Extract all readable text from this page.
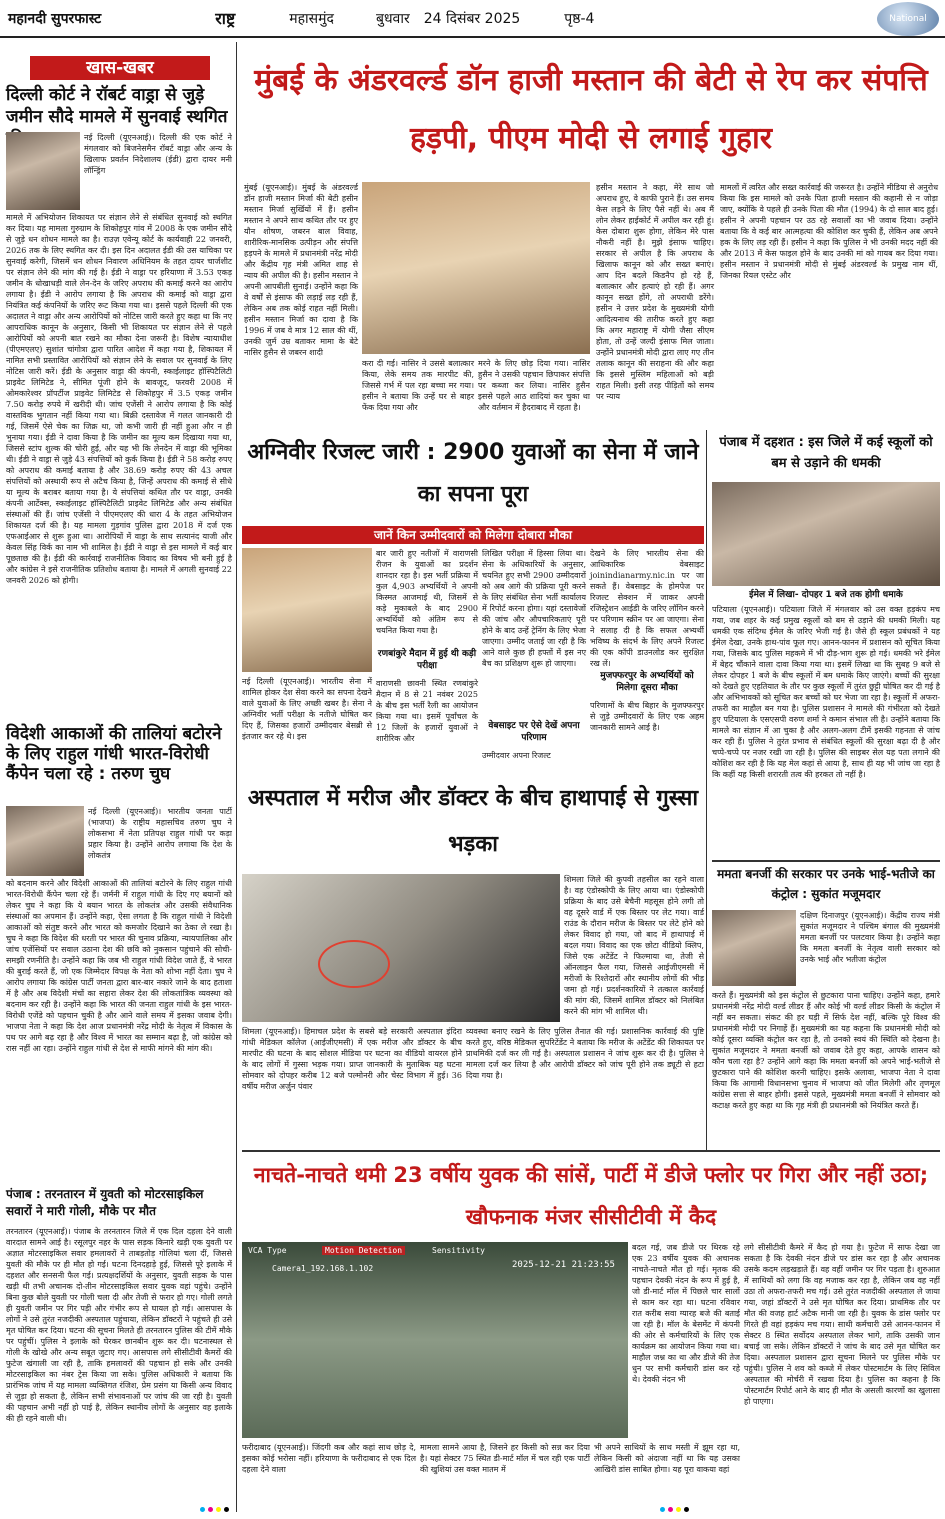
महानदी सुपरफास्ट	राष्ट्र	महासमुंद	बुधवार 24 दिसंबर 2025	पृष्ठ-4	National News
खास-खबर
दिल्ली कोर्ट ने रॉबर्ट वाड्रा से जुड़े जमीन सौदे मामले में सुनवाई स्थगित
नई दिल्ली (यूएनआई)। दिल्ली की एक कोर्ट ने मंगलवार को बिजनेसमैन रॉबर्ट वाड्रा और अन्य के खिलाफ प्रवर्तन निदेशालय (ईडी) द्वारा दायर मनी लॉन्ड्रिंग
मामले में अभियोजन शिकायत पर संज्ञान लेने से संबंधित सुनवाई को स्थगित कर दिया। यह मामला गुरुग्राम के शिकोहपुर गांव में 2008 के एक जमीन सौदे से जुड़े धन शोधन मामले का है। राउज़ एवेन्यू कोर्ट के कार्यवाही 22 जनवरी, 2026 तक के लिए स्थगित कर दी। इस दिन अदालत ईडी की उस याचिका पर सुनवाई करेगी, जिसमें धन शोधन निवारण अधिनियम के तहत दायर चार्जशीट पर संज्ञान लेने की मांग की गई है। ईडी ने वाड्रा पर हरियाणा में 3.53 एकड़ जमीन के धोखाधड़ी वाले लेन-देन के जरिए अपराध की कमाई करने का आरोप लगाया है। ईडी ने आरोप लगाया है कि अपराध की कमाई को वाड्रा द्वारा नियंत्रित कई कंपनियों के जरिए रूट किया गया था। इससे पहले दिल्ली की एक अदालत ने वाड्रा और अन्य आरोपियों को नोटिस जारी करते हुए कहा था कि नए आपराधिक कानून के अनुसार, किसी भी शिकायत पर संज्ञान लेने से पहले आरोपियों को अपनी बात रखने का मौका देना जरूरी है। विशेष न्यायाधीश (पीएमएलए) सुशांत चांगोत्रा द्वारा पारित आदेश में कहा गया है, शिकायत में नामित सभी प्रस्तावित आरोपियों को संज्ञान लेने के सवाल पर सुनवाई के लिए नोटिस जारी करें। ईडी के अनुसार वाड्रा की कंपनी, स्काईलाइट हॉस्पिटैलिटी प्राइवेट लिमिटेड ने, सीमित पूंजी होने के बावजूद, फरवरी 2008 में ओमकारेश्वर प्रॉपर्टीज प्राइवेट लिमिटेड से शिकोहपुर में 3.5 एकड़ जमीन 7.50 करोड़ रुपये में खरीदी थी। जांच एजेंसी ने आरोप लगाया है कि कोई वास्तविक भुगतान नहीं किया गया था। बिक्री दस्तावेज में गलत जानकारी दी गई, जिसमें ऐसे चेक का जिक्र था, जो कभी जारी ही नहीं हुआ और न ही भुनाया गया। ईडी ने दावा किया है कि जमीन का मूल्य कम दिखाया गया था, जिससे स्टांप शुल्क की चोरी हुई, और यह भी कि लेनदेन में वाड्रा की भूमिका थी। ईडी ने वाड्रा से जुड़े 43 संपत्तियों को कुर्क किया है। ईडी ने 58 करोड़ रुपए को अपराध की कमाई बताया है और 38.69 करोड़ रुपए की 43 अचल संपत्तियों को अस्थायी रूप से अटैच किया है, जिन्हें अपराध की कमाई से सीधे या मूल्य के बराबर बताया गया है। ये संपत्तियां कथित तौर पर वाड्रा, उनकी कंपनी आर्टेक्स, स्काईलाइट हॉस्पिटैलिटी प्राइवेट लिमिटेड और अन्य संबंधित संस्थाओं की हैं। जांच एजेंसी ने पीएमएलए की धारा 4 के तहत अभियोजन शिकायत दर्ज की है। यह मामला गुड़गांव पुलिस द्वारा 2018 में दर्ज एक एफआईआर से शुरू हुआ था। आरोपियों में वाड्रा के साथ सत्यानंद याजी और केवल सिंह विर्क का नाम भी शामिल है। ईडी ने वाड्रा से इस मामले में कई बार पूछताछ की है। ईडी की कार्रवाई राजनीतिक विवाद का विषय भी बनी हुई है और कांग्रेस ने इसे राजनीतिक प्रतिशोध बताया है। मामले में अगली सुनवाई 22 जनवरी 2026 को होगी।
विदेशी आकाओं की तालियां बटोरने के लिए राहुल गांधी भारत-विरोधी कैंपेन चला रहे : तरुण चुघ
नई दिल्ली (यूएनआई)। भारतीय जनता पार्टी (भाजपा) के राष्ट्रीय महासचिव तरुण चुघ ने लोकसभा में नेता प्रतिपक्ष राहुल गांधी पर कड़ा प्रहार किया है। उन्होंने आरोप लगाया कि देश के लोकतंत्र
को बदनाम करने और विदेशी आकाओं की तालियां बटोरने के लिए राहुल गांधी भारत-विरोधी कैंपेन चला रहे हैं। जर्मनी में राहुल गांधी के दिए गए बयानों को लेकर चुघ ने कहा कि ये बयान भारत के लोकतंत्र और उसकी संवैधानिक संस्थाओं का अपमान हैं। उन्होंने कहा, ऐसा लगता है कि राहुल गांधी ने विदेशी आकाओं को संतुष्ट करने और भारत को कमजोर दिखाने का ठेका ले रखा है। चुघ ने कहा कि विदेश की धरती पर भारत की चुनाव प्रक्रिया, न्यायपालिका और जांच एजेंसियों पर सवाल उठाना देश की छवि को नुकसान पहुंचाने की सोची-समझी रणनीति है। उन्होंने कहा कि जब भी राहुल गांधी विदेश जाते हैं, वे भारत की बुराई करते हैं, जो एक जिम्मेदार विपक्ष के नेता को शोभा नहीं देता। चुघ ने आरोप लगाया कि कांग्रेस पार्टी जनता द्वारा बार-बार नकारे जाने के बाद हताशा में है और अब विदेशी मंचों का सहारा लेकर देश की लोकतांत्रिक व्यवस्था को बदनाम कर रही है। उन्होंने कहा कि भारत की जनता राहुल गांधी के इस भारत-विरोधी एजेंडे को पहचान चुकी है और आने वाले समय में इसका जवाब देगी। भाजपा नेता ने कहा कि देश आज प्रधानमंत्री नरेंद्र मोदी के नेतृत्व में विकास के पथ पर आगे बढ़ रहा है और विश्व में भारत का सम्मान बढ़ा है, जो कांग्रेस को रास नहीं आ रहा। उन्होंने राहुल गांधी से देश से माफी मांगने की मांग की।
पंजाब : तरनतारन में युवती को मोटरसाइकिल सवारों ने मारी गोली, मौके पर मौत
तरनतारन (यूएनआई)। पंजाब के तरनतारन जिले में एक दिल दहला देने वाली वारदात सामने आई है। रसूलपुर नहर के पास सड़क किनारे खड़ी एक युवती पर अज्ञात मोटरसाइकिल सवार हमलावरों ने ताबड़तोड़ गोलियां चला दीं, जिससे युवती की मौके पर ही मौत हो गई। घटना दिनदहाड़े हुई, जिससे पूरे इलाके में दहशत और सनसनी फैल गई। प्रत्यक्षदर्शियों के अनुसार, युवती सड़क के पास खड़ी थी तभी अचानक दो-तीन मोटरसाइकिल सवार युवक वहां पहुंचे। उन्होंने बिना कुछ बोले युवती पर गोली चला दी और तेजी से फरार हो गए। गोली लगते ही युवती जमीन पर गिर पड़ी और गंभीर रूप से घायल हो गई। आसपास के लोगों ने उसे तुरंत नजदीकी अस्पताल पहुंचाया, लेकिन डॉक्टरों ने पहुंचते ही उसे मृत घोषित कर दिया। घटना की सूचना मिलते ही तरनतारन पुलिस की टीमें मौके पर पहुंचीं। पुलिस ने इलाके को घेरकर छानबीन शुरू कर दी। घटनास्थल से गोली के खोखे और अन्य सबूत जुटाए गए। आसपास लगे सीसीटीवी कैमरों की फुटेज खंगाली जा रही है, ताकि हमलावरों की पहचान हो सके और उनकी मोटरसाइकिल का नंबर ट्रेस किया जा सके। पुलिस अधिकारी ने बताया कि प्रारंभिक जांच में यह मामला व्यक्तिगत रंजिश, प्रेम प्रसंग या किसी अन्य विवाद से जुड़ा हो सकता है, लेकिन सभी संभावनाओं पर जांच की जा रही है। युवती की पहचान अभी नहीं हो पाई है, लेकिन स्थानीय लोगों के अनुसार वह इलाके की ही रहने वाली थी।
मुंबई के अंडरवर्ल्ड डॉन हाजी मस्तान की बेटी से रेप कर संपत्ति हड़पी, पीएम मोदी से लगाई गुहार
मुंबई (यूएनआई)। मुंबई के अंडरवर्ल्ड डॉन हाजी मस्तान मिर्जा की बेटी हसीन मस्तान मिर्जा सुर्खियों में हैं। हसीन मस्तान ने अपने साथ कथित तौर पर हुए यौन शोषण, जबरन बाल विवाह, शारीरिक-मानसिक उत्पीड़न और संपत्ति हड़पने के मामले में प्रधानमंत्री नरेंद्र मोदी और केंद्रीय गृह मंत्री अमित शाह से न्याय की अपील की है। हसीन मस्तान ने अपनी आपबीती सुनाई। उन्होंने कहा कि वे वर्षों से इंसाफ की लड़ाई लड़ रही हैं, लेकिन अब तक कोई राहत नहीं मिली। हसीन मस्तान मिर्जा का दावा है कि 1996 में जब वे मात्र 12 साल की थीं, उनकी जुर्म उम्र बताकर मामा के बेटे नासिर हुसैन से जबरन शादी
करा दी गई। नासिर ने उससे बलात्कार किया, लेके समय तक मारपीट की, जिससे गर्भ में पल रहा बच्चा मर गया। हसीन ने बताया कि उन्हें घर से बाहर फेंक दिया गया और
मरने के लिए छोड़ दिया गया। नासिर हुसैन ने उसकी पहचान छिपाकर संपत्ति पर कब्जा कर लिया। नासिर हुसैन इससे पहले आठ शादियां कर चुका था और वर्तमान में हैदराबाद में रहता है।
हसीन मस्तान ने कहा, मेरे साथ जो अपराध हुए, वे काफी पुराने हैं। उस समय केस लड़ने के लिए पैसे नहीं थे। अब मैं लोन लेकर हाईकोर्ट में अपील कर रही हूं। केस दोबारा शुरू होगा, लेकिन मेरे पास नौकरी नहीं है। मुझे इंसाफ चाहिए। सरकार से अपील है कि अपराध के खिलाफ कानून को और सख्त बनाएं। आप दिन बदले किडनैप हो रहे हैं, बलात्कार और हत्याएं हो रही हैं। अगर कानून सख्त होंगे, तो अपराधी डरेंगे। हसीन ने उत्तर प्रदेश के मुख्यमंत्री योगी आदित्यनाथ की तारीफ करते हुए कहा कि अगर महाराष्ट्र में योगी जैसा सीएम होता, तो उन्हें जल्दी इंसाफ मिल जाता। उन्होंने प्रधानमंत्री मोदी द्वारा लाए गए तीन तलाक कानून की सराहना की और कहा कि इससे मुस्लिम महिलाओं को बड़ी राहत मिली। इसी तरह पीड़ितों को समय पर न्याय
मामलों में त्वरित और सख्त कार्रवाई की जरूरत है। उन्होंने मीडिया से अनुरोध किया कि इस मामले को उनके पिता हाजी मस्तान की कहानी से न जोड़ा जाए, क्योंकि वे पहले ही उनके पिता की मौत (1994) के दो साल बाद हुई। हसीन ने अपनी पहचान पर उठ रहे सवालों का भी जवाब दिया। उन्होंने बताया कि वे कई बार आत्महत्या की कोशिश कर चुकी हैं, लेकिन अब अपने हक के लिए लड़ रही हैं। हसीन ने कहा कि पुलिस ने भी उनकी मदद नहीं की और 2013 में केस फाइल होने के बाद उनकी मां को गायब कर दिया गया। हसीन मस्तान ने प्रधानमंत्री मोदी से मुंबई अंडरवर्ल्ड के प्रमुख नाम थीं, जिनका रियल एस्टेट और
अग्निवीर रिजल्ट जारी : 2900 युवाओं का सेना में जाने का सपना पूरा
जानें किन उम्मीदवारों को मिलेगा दोबारा मौका
नई दिल्ली (यूएनआई)। भारतीय सेना में शामिल होकर देश सेवा करने का सपना देखने वाले युवाओं के लिए अच्छी खबर है। सेना ने अग्निवीर भर्ती परीक्षा के नतीजे घोषित कर दिए हैं, जिसका हजारों उम्मीदवार बेसब्री से इंतजार कर रहे थे। इस
बार जारी हुए नतीजों में वाराणसी रीजन के युवाओं का प्रदर्शन शानदार रहा है। इस भर्ती प्रक्रिया में कुल 4,903 अभ्यर्थियों ने अपनी किस्मत आजमाई थी, जिसमें से कड़े मुकाबले के बाद 2900 अभ्यर्थियों को अंतिम रूप से चयनित किया गया है।
रणबांकुरे मैदान में हुई थी कड़ी परीक्षा
वाराणसी छावनी स्थित रणबांकुरे मैदान में 8 से 21 नवंबर 2025 के बीच इस भर्ती रैली का आयोजन किया गया था। इसमें पूर्वांचल के 12 जिलों के हजारों युवाओं ने शारीरिक और
लिखित परीक्षा में हिस्सा लिया था। सेना के अधिकारियों के अनुसार, चयनित हुए सभी 2900 उम्मीदवारों को अब आगे की प्रक्रिया पूरी करने के लिए संबंधित सेना भर्ती कार्यालय में रिपोर्ट करना होगा। यहां दस्तावेजों की जांच और औपचारिकताएं पूरी होने के बाद उन्हें ट्रेनिंग के लिए भेजा जाएगा। उम्मीद जताई जा रही है कि आने वाले कुछ ही हफ्तों में इस नए बैच का प्रशिक्षण शुरू हो जाएगा।
वेबसाइट पर ऐसे देखें अपना परिणाम
उम्मीदवार अपना रिजल्ट
देखने के लिए भारतीय सेना की आधिकारिक वेबसाइट joinindianarmy.nic.in पर जा सकते हैं। वेबसाइट के होमपेज पर रिजल्ट सेक्शन में जाकर अपनी रजिस्ट्रेशन आईडी के जरिए लॉगिन करने पर परिणाम स्क्रीन पर आ जाएगा। सेना ने सलाह दी है कि सफल अभ्यर्थी भविष्य के संदर्भ के लिए अपने रिजल्ट की एक कॉपी डाउनलोड कर सुरक्षित रख लें।
मुजफ्फरपुर के अभ्यर्थियों को मिलेगा दूसरा मौका
परिणामों के बीच बिहार के मुजफ्फरपुर से जुड़े उम्मीदवारों के लिए एक अहम जानकारी सामने आई है।
पंजाब में दहशत : इस जिले में कई स्कूलों को बम से उड़ाने की धमकी
ईमेल में लिखा- दोपहर 1 बजे तक होगी धमाके
पटियाला (यूएनआई)। पटियाला जिले में मंगलवार को उस वक्त हड़कंप मच गया, जब शहर के कई प्रमुख स्कूलों को बम से उड़ाने की धमकी मिली। यह धमकी एक संदिग्ध ईमेल के जरिए भेजी गई है। जैसे ही स्कूल प्रबंधकों ने यह ईमेल देखा, उनके हाथ-पांव फूल गए। आनन-फानन में प्रशासन को सूचित किया गया, जिसके बाद पुलिस महकमे में भी दौड़-भाग शुरू हो गई। धमकी भरे ईमेल में बेहद चौंकाने वाला दावा किया गया था। इसमें लिखा था कि सुबह 9 बजे से लेकर दोपहर 1 बजे के बीच स्कूलों में बम धमाके किए जाएंगे। बच्चों की सुरक्षा को देखते हुए एहतियात के तौर पर कुछ स्कूलों में तुरंत छुट्टी घोषित कर दी गई है और अभिभावकों को सूचित कर बच्चों को घर भेजा जा रहा है। स्कूलों में अफरा-तफरी का माहौल बन गया है। पुलिस प्रशासन ने मामले की गंभीरता को देखते हुए पटियाला के एसएसपी वरुण शर्मा ने कमान संभाल ली है। उन्होंने बताया कि मामले का संज्ञान में आ चुका है और अलग-अलग टीमें इसकी गहनता से जांच कर रही हैं। पुलिस ने तुरंत प्रभाव से संबंधित स्कूलों की सुरक्षा बढ़ा दी है और चप्पे-चप्पे पर नजर रखी जा रही है। पुलिस की साइबर सेल यह पता लगाने की कोशिश कर रही है कि यह मेल कहां से आया है, साथ ही यह भी जांच जा रहा है कि कहीं यह किसी शरारती तत्व की हरकत तो नहीं है।
अस्पताल में मरीज और डॉक्टर के बीच हाथापाई से गुस्सा भड़का
शिमला जिले की कुपवी तहसील का रहने वाला है। वह एंडोस्कोपी के लिए आया था। एंडोस्कोपी प्रक्रिया के बाद उसे बेचैनी महसूस होने लगी तो वह दूसरे वार्ड में एक बिस्तर पर लेट गया। वार्ड राउंड के दौरान मरीज के बिस्तर पर लेटे होने को लेकर विवाद हो गया, जो बाद में हाथापाई में बदल गया। विवाद का एक छोटा वीडियो क्लिप, जिसे एक अटेंडेंट ने फिल्माया था, तेजी से ऑनलाइन फैल गया, जिससे आईजीएमसी में मरीजों के रिश्तेदारों और स्थानीय लोगों की भीड़ जमा हो गई। प्रदर्शनकारियों ने तत्काल कार्रवाई की मांग की, जिसमें शामिल डॉक्टर को निलंबित करने की मांग भी शामिल थी।
शिमला (यूएनआई)। हिमाचल प्रदेश के सबसे बड़े सरकारी अस्पताल इंदिरा गांधी मेडिकल कॉलेज (आईजीएमसी) में एक मरीज और डॉक्टर के बीच मारपीट की घटना के बाद सोशल मीडिया पर घटना का वीडियो वायरल होने के बाद लोगों में गुस्सा भड़क गया। प्राप्त जानकारी के मुताबिक यह घटना सोमवार को दोपहर करीब 12 बजे पल्मोनरी और चेस्ट विभाग में हुई। 36 वर्षीय मरीज अर्जुन पंवार
व्यवस्था बनाए रखने के लिए पुलिस तैनात की गई। प्रशासनिक कार्रवाई की पुष्टि करते हुए, वरिष्ठ मेडिकल सुपरिटेंडेंट ने बताया कि मरीज के अटेंडेंट की शिकायत पर प्राथमिकी दर्ज कर ली गई है। अस्पताल प्रशासन ने जांच शुरू कर दी है। पुलिस ने मामला दर्ज कर लिया है और आरोपी डॉक्टर को जांच पूरी होने तक ड्यूटी से हटा दिया गया है।
ममता बनर्जी की सरकार पर उनके भाई-भतीजे का कंट्रोल : सुकांत मजूमदार
दक्षिण दिनाजपुर (यूएनआई)। केंद्रीय राज्य मंत्री सुकांत मजूमदार ने पश्चिम बंगाल की मुख्यमंत्री ममता बनर्जी पर पलटवार किया है। उन्होंने कहा कि ममता बनर्जी के नेतृत्व वाली सरकार को उनके भाई और भतीजा कंट्रोल
करते हैं। मुख्यमंत्री को इस कंट्रोल से छुटकारा पाना चाहिए। उन्होंने कहा, हमारे प्रधानमंत्री नरेंद्र मोदी वर्ल्ड लीडर हैं और कोई भी वर्ल्ड लीडर किसी के कंट्रोल में नहीं बन सकता। संकट की हर घड़ी में सिर्फ देश नहीं, बल्कि पूरे विश्व की प्रधानमंत्री मोदी पर निगाहें हैं। मुख्यमंत्री का यह कहना कि प्रधानमंत्री मोदी को कोई दूसरा व्यक्ति कंट्रोल कर रहा है, तो उनको स्वयं की स्थिति को देखना है। सुकांत मजूमदार ने ममता बनर्जी को जवाब देते हुए कहा, आपके शासन को कौन चला रहा है? उन्होंने आगे कहा कि ममता बनर्जी को अपने भाई-भतीजे से छुटकारा पाने की कोशिश करनी चाहिए। इसके अलावा, भाजपा नेता ने दावा किया कि आगामी विधानसभा चुनाव में भाजपा को जीत मिलेगी और तृणमूल कांग्रेस सत्ता से बाहर होगी। इससे पहले, मुख्यमंत्री ममता बनर्जी ने सोमवार को कटाक्ष करते हुए कहा था कि गृह मंत्री ही प्रधानमंत्री को नियंत्रित करते हैं।
नाचते-नाचते थमी 23 वर्षीय युवक की सांसें, पार्टी में डीजे फ्लोर पर गिरा और नहीं उठा; खौफनाक मंजर सीसीटीवी में कैद
VCA Type	Motion Detection	Sensitivity
2025-12-21 21:23:55
Camera1_192.168.1.102
फरीदाबाद (यूएनआई)। जिंदगी कब और कहां साथ छोड़ दे, इसका कोई भरोसा नहीं। हरियाणा के फरीदाबाद से एक दिल दहला देने वाला
मामला सामने आया है, जिसने हर किसी को सन्न कर दिया है। यहां सेक्टर 75 स्थित डी-मार्ट मॉल में चल रही एक पार्टी की खुशियां उस वक्त मातम में
बदल गई, जब डीजे पर थिरक रहे एक 23 वर्षीय युवक की अचानक नाचते-नाचते मौत हो गई। मृतक की पहचान देवकी नंदन के रूप में हुई है, जो डी-मार्ट मॉल में पिछले चार सालों से काम कर रहा था। घटना रविवार रात करीब सवा ग्यारह बजे की बताई जा रही है। मॉल के बेसमेंट में कंपनी की ओर से कर्मचारियों के लिए एक कार्यक्रम का आयोजन किया गया था। माहौल जश्न का था और डीजे की तेज धुन पर सभी कर्मचारी डांस कर रहे थे। देवकी नंदन भी
भी अपने साथियों के साथ मस्ती में झूम रहा था, लेकिन किसी को अंदाजा नहीं था कि यह उसका आखिरी डांस साबित होगा। यह पूरा वाकया वहां
लगे सीसीटीवी कैमरे में कैद हो गया है। फुटेज में साफ देखा जा सकता है कि देवकी नंदन डीजे पर डांस कर रहा है और अचानक उसके कदम लड़खड़ाते हैं। वह वहीं जमीन पर गिर पड़ता है। शुरुआत में साथियों को लगा कि वह मजाक कर रहा है, लेकिन जब वह नहीं उठा तो अफरा-तफरी मच गई। उसे तुरंत नजदीकी अस्पताल ले जाया गया, जहां डॉक्टरों ने उसे मृत घोषित कर दिया। प्राथमिक तौर पर मौत की वजह हार्ट अटैक मानी जा रही है। युवक के डांस फ्लोर पर गिरते ही वहां हड़कंप मच गया। साथी कर्मचारी उसे आनन-फानन में सेक्टर 8 स्थित सर्वोदय अस्पताल लेकर भागे, ताकि उसकी जान बचाई जा सके। लेकिन डॉक्टरों ने जांच के बाद उसे मृत घोषित कर दिया। अस्पताल प्रशासन द्वारा सूचना मिलने पर पुलिस मौके पर पहुंची। पुलिस ने शव को कब्जे में लेकर पोस्टमार्टम के लिए सिविल अस्पताल की मोर्चरी में रखवा दिया है। पुलिस का कहना है कि पोस्टमार्टम रिपोर्ट आने के बाद ही मौत के असली कारणों का खुलासा हो पाएगा।
